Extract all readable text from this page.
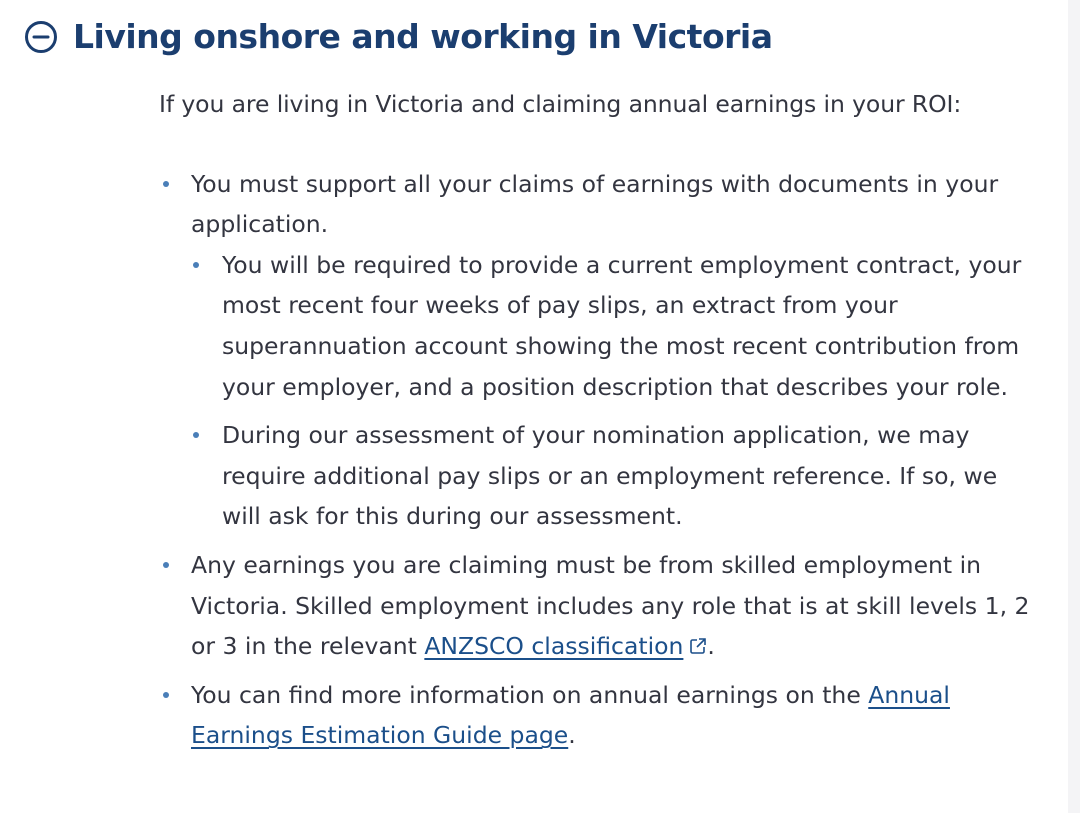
Living onshore and working in Victoria

If you are living in Victoria and claiming annual earnings in your ROI:

You must support all your claims of earnings with documents in your application.
You will be required to provide a current employment contract, your most recent four weeks of pay slips, an extract from your superannuation account showing the most recent contribution from your employer, and a position description that describes your role.
During our assessment of your nomination application, we may require additional pay slips or an employment reference. If so, we will ask for this during our assessment.
Any earnings you are claiming must be from skilled employment in Victoria. Skilled employment includes any role that is at skill levels 1, 2 or 3 in the relevant ANZSCO classification .
You can find more information on annual earnings on the Annual Earnings Estimation Guide page.
